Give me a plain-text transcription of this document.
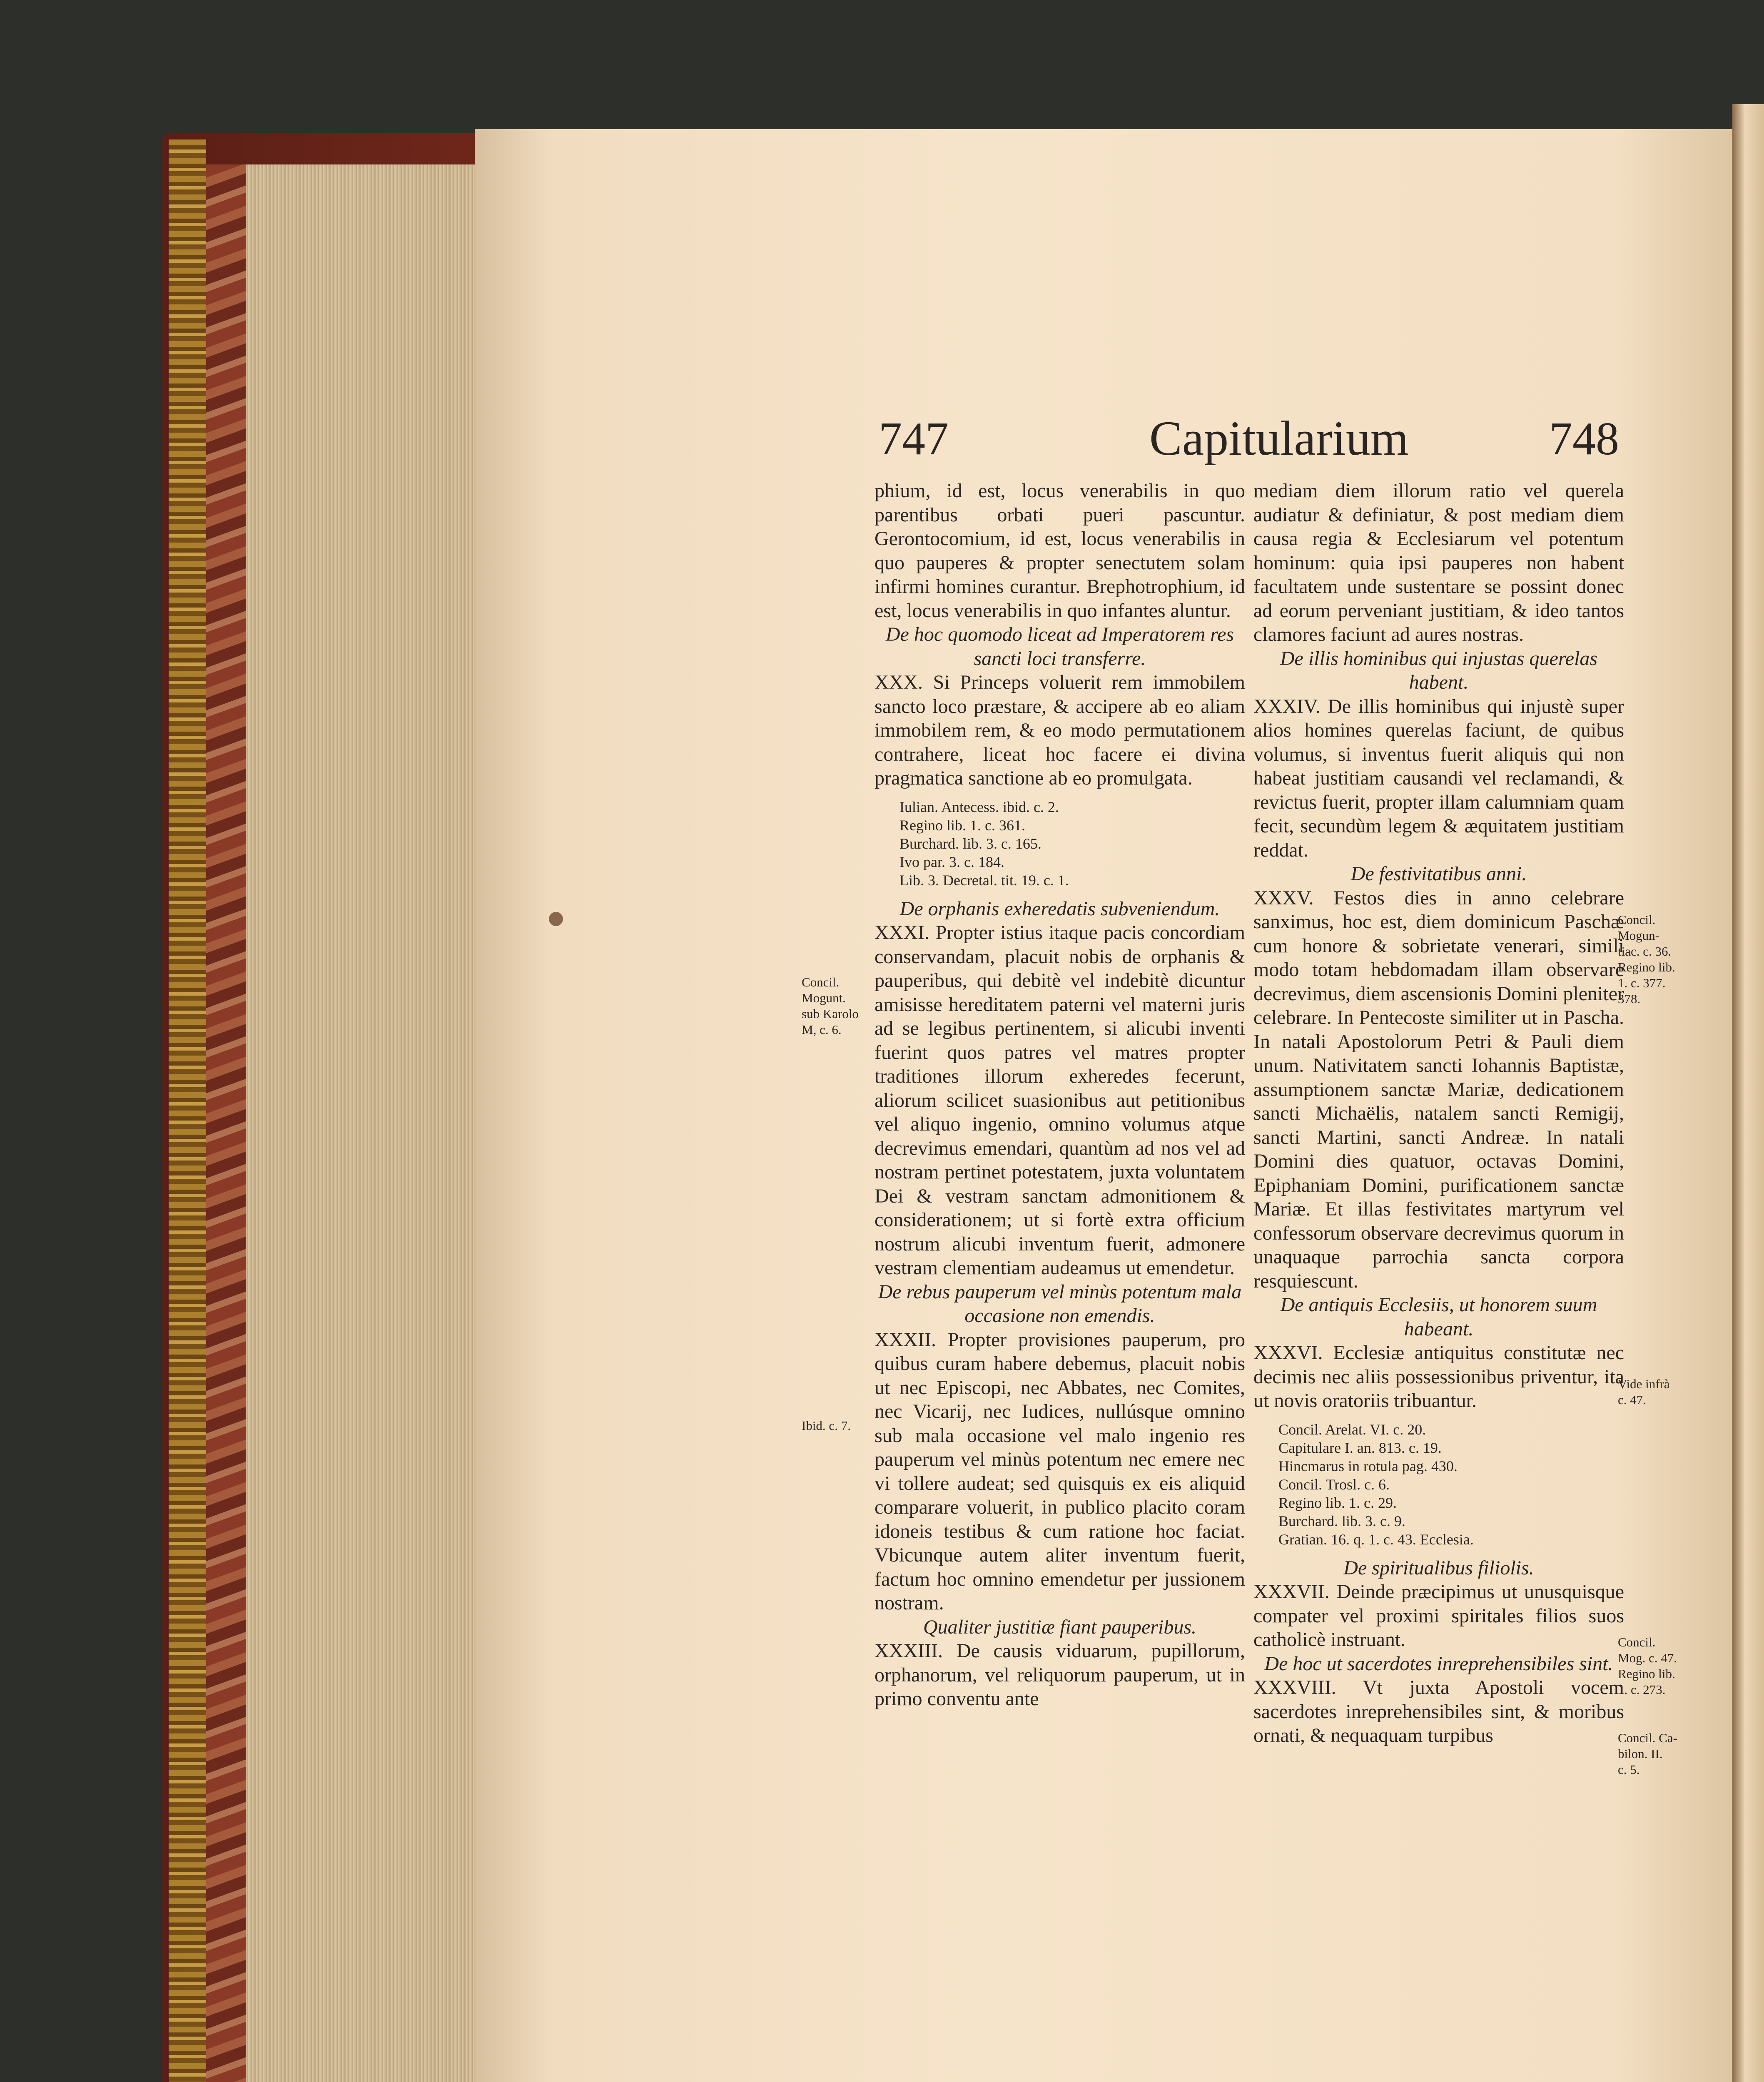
747	Capitularium	748

phium, id est, locus venerabilis in quo parentibus orbati pueri pascuntur. Gerontocomium, id est, locus venerabilis in quo pauperes & propter senectutem solam infirmi homines curantur. Brephotrophium, id est, locus venerabilis in quo infantes aluntur.

De hoc quomodo liceat ad Imperatorem res sancti loci transferre.

XXX. Si Princeps voluerit rem immobilem sancto loco præstare, & accipere ab eo aliam immobilem rem, & eo modo permutationem contrahere, liceat hoc facere ei divina pragmatica sanctione ab eo promulgata.

Iulian. Antecess. ibid. c. 2.
Regino lib. 1. c. 361.
Burchard. lib. 3. c. 165.
Ivo par. 3. c. 184.
Lib. 3. Decretal. tit. 19. c. 1.

De orphanis exheredatis subveniendum.

XXXI. Propter istius itaque pacis concordiam conservandam, placuit nobis de orphanis & pauperibus, qui debitè vel indebitè dicuntur amisisse hereditatem paterni vel materni juris ad se legibus pertinentem, si alicubi inventi fuerint quos patres vel matres propter traditiones illorum exheredes fecerunt, aliorum scilicet suasionibus aut petitionibus vel aliquo ingenio, omnino volumus atque decrevimus emendari, quantùm ad nos vel ad nostram pertinet potestatem, juxta voluntatem Dei & vestram sanctam admonitionem & considerationem; ut si fortè extra officium nostrum alicubi inventum fuerit, admonere vestram clementiam audeamus ut emendetur.

De rebus pauperum vel minùs potentum mala occasione non emendis.

XXXII. Propter provisiones pauperum, pro quibus curam habere debemus, placuit nobis ut nec Episcopi, nec Abbates, nec Comites, nec Vicarij, nec Iudices, nullúsque omnino sub mala occasione vel malo ingenio res pauperum vel minùs potentum nec emere nec vi tollere audeat; sed quisquis ex eis aliquid comparare voluerit, in publico placito coram idoneis testibus & cum ratione hoc faciat. Vbicunque autem aliter inventum fuerit, factum hoc omnino emendetur per jussionem nostram.

Qualiter justitiæ fiant pauperibus.

XXXIII. De causis viduarum, pupillorum, orphanorum, vel reliquorum pauperum, ut in primo conventu ante

mediam diem illorum ratio vel querela audiatur & definiatur, & post mediam diem causa regia & Ecclesiarum vel potentum hominum: quia ipsi pauperes non habent facultatem unde sustentare se possint donec ad eorum perveniant justitiam, & ideo tantos clamores faciunt ad aures nostras.

De illis hominibus qui injustas querelas habent.

XXXIV. De illis hominibus qui injustè super alios homines querelas faciunt, de quibus volumus, si inventus fuerit aliquis qui non habeat justitiam causandi vel reclamandi, & revictus fuerit, propter illam calumniam quam fecit, secundùm legem & æquitatem justitiam reddat.

De festivitatibus anni.

XXXV. Festos dies in anno celebrare sanximus, hoc est, diem dominicum Paschæ cum honore & sobrietate venerari, simili modo totam hebdomadam illam observare decrevimus, diem ascensionis Domini pleniter celebrare. In Pentecoste similiter ut in Pascha. In natali Apostolorum Petri & Pauli diem unum. Nativitatem sancti Iohannis Baptistæ, assumptionem sanctæ Mariæ, dedicationem sancti Michaëlis, natalem sancti Remigij, sancti Martini, sancti Andreæ. In natali Domini dies quatuor, octavas Domini, Epiphaniam Domini, purificationem sanctæ Mariæ. Et illas festivitates martyrum vel confessorum observare decrevimus quorum in unaquaque parrochia sancta corpora resquiescunt.

De antiquis Ecclesiis, ut honorem suum habeant.

XXXVI. Ecclesiæ antiquitus constitutæ nec decimis nec aliis possessionibus priventur, ita ut novis oratoriis tribuantur.

Concil. Arelat. VI. c. 20.
Capitulare I. an. 813. c. 19.
Hincmarus in rotula pag. 430.
Concil. Trosl. c. 6.
Regino lib. 1. c. 29.
Burchard. lib. 3. c. 9.
Gratian. 16. q. 1. c. 43. Ecclesia.

De spiritualibus filiolis.

XXXVII. Deinde præcipimus ut unusquisque compater vel proximi spiritales filios suos catholicè instruant.

De hoc ut sacerdotes inreprehensibiles sint.

XXXVIII. Vt juxta Apostoli vocem sacerdotes inreprehensibiles sint, & moribus ornati, & nequaquam turpibus

Concil.
Mogunt.
sub Karolo
M, c. 6.
Ibid. c. 7.
Concil.
Mogun-
tiac. c. 36.
Regino lib.
1. c. 377.
378.
Vide infrà
c. 47.
Concil.
Mog. c. 47.
Regino lib.
1. c. 273.
Concil. Ca-
bilon. II.
c. 5.
